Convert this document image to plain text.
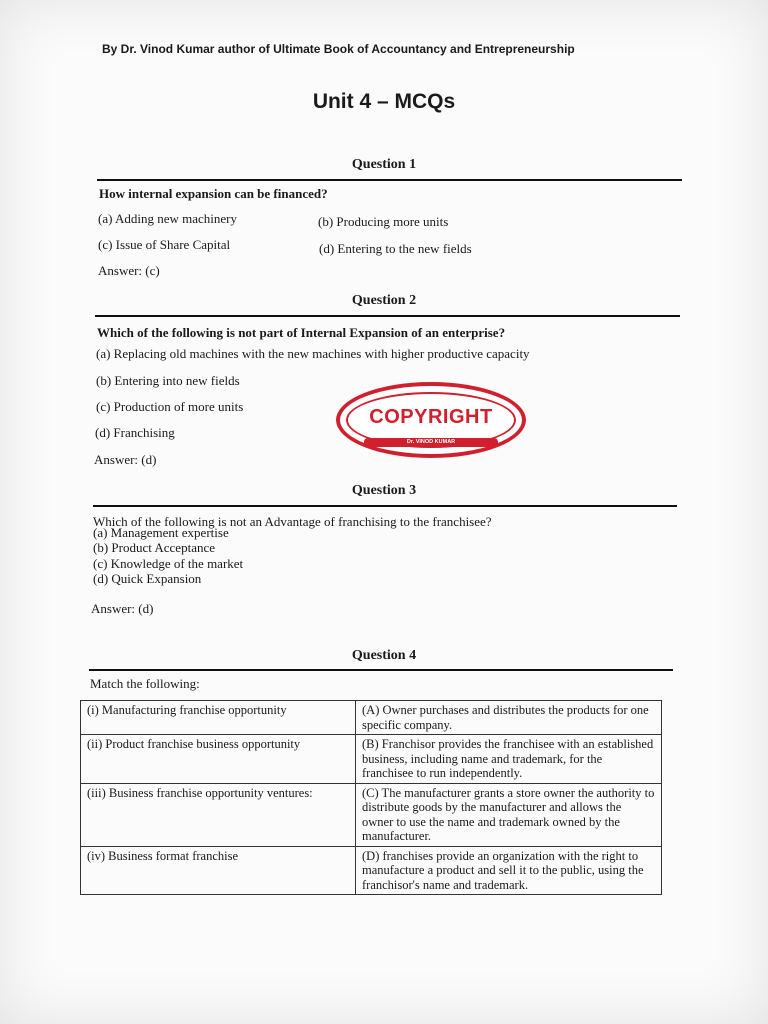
By Dr. Vinod Kumar author of Ultimate Book of Accountancy and Entrepreneurship
Unit 4 – MCQs
Question 1
How internal expansion can be financed?
(a) Adding new machinery	(b) Producing more units
(c) Issue of Share Capital	(d) Entering to the new fields
Answer: (c)
Question 2
Which of the following is not part of Internal Expansion of an enterprise?
(a) Replacing old machines with the new machines with higher productive capacity
(b) Entering into new fields
(c) Production of more units
(d) Franchising
Answer: (d)
COPYRIGHT
Dr. VINOD KUMAR
Question 3
Which of the following is not an Advantage of franchising to the franchisee?
(a) Management expertise
(b) Product Acceptance
(c) Knowledge of the market
(d) Quick Expansion
Answer: (d)
Question 4
Match the following:
(i) Manufacturing franchise opportunity	(A) Owner purchases and distributes the products for one specific company.
(ii) Product franchise business opportunity	(B) Franchisor provides the franchisee with an established business, including name and trademark, for the franchisee to run independently.
(iii) Business franchise opportunity ventures:	(C) The manufacturer grants a store owner the authority to distribute goods by the manufacturer and allows the owner to use the name and trademark owned by the manufacturer.
(iv) Business format franchise	(D) franchises provide an organization with the right to manufacture a product and sell it to the public, using the franchisor's name and trademark.
